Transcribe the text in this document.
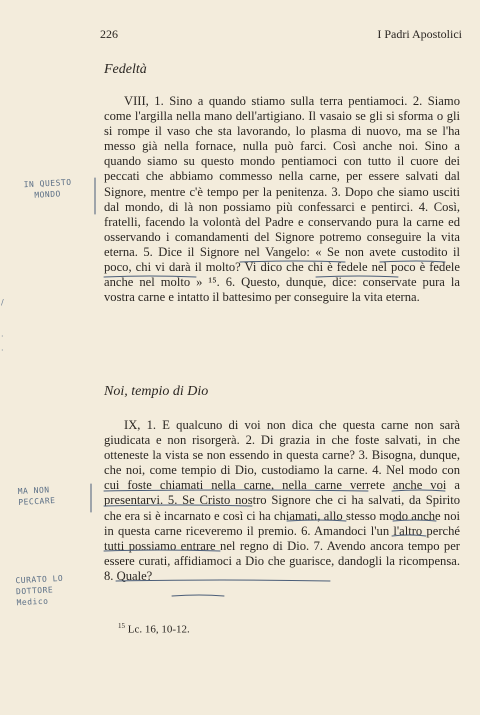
226	I Padri Apostolici
Fedeltà

VIII, 1. Sino a quando stiamo sulla terra pentiamoci. 2. Siamo come l'argilla nella mano dell'artigiano. Il vasaio se gli si sforma o gli si rompe il vaso che sta lavorando, lo plasma di nuovo, ma se l'ha messo già nella fornace, nulla può farci. Così anche noi. Sino a quando siamo su questo mondo pentiamoci con tutto il cuore dei peccati che abbiamo commesso nella carne, per essere salvati dal Signore, mentre c'è tempo per la penitenza. 3. Dopo che siamo usciti dal mondo, di là non possiamo più confessarci e pentirci. 4. Così, fratelli, facendo la volontà del Padre e conservando pura la carne ed osservando i comandamenti del Signore potremo conseguire la vita eterna. 5. Dice il Signore nel Vangelo: « Se non avete custodito il poco, chi vi darà il molto? Vi dico che chi è fedele nel poco è fedele anche nel molto » ¹⁵. 6. Questo, dunque, dice: conservate pura la vostra carne e intatto il battesimo per conseguire la vita eterna.

Noi, tempio di Dio

IX, 1. E qualcuno di voi non dica che questa carne non sarà giudicata e non risorgerà. 2. Di grazia in che foste salvati, in che otteneste la vista se non essendo in questa carne? 3. Bisogna, dunque, che noi, come tempio di Dio, custodiamo la carne. 4. Nel modo con cui foste chiamati nella carne, nella carne verrete anche voi a presentarvi. 5. Se Cristo nostro Signore che ci ha salvati, da Spirito che era si è incarnato e così ci ha chiamati, allo stesso modo anche noi in questa carne riceveremo il premio. 6. Amandoci l'un l'altro perché tutti possiamo entrare nel regno di Dio. 7. Avendo ancora tempo per essere curati, affidiamoci a Dio che guarisce, dandogli la ricompensa. 8. Quale?

$^{15}$ Lc. 16, 10-12.
IN QUESTO
MONDO
MA NON
PECCARE
CURATO LO
DOTTORE
Medico
/
·
·
